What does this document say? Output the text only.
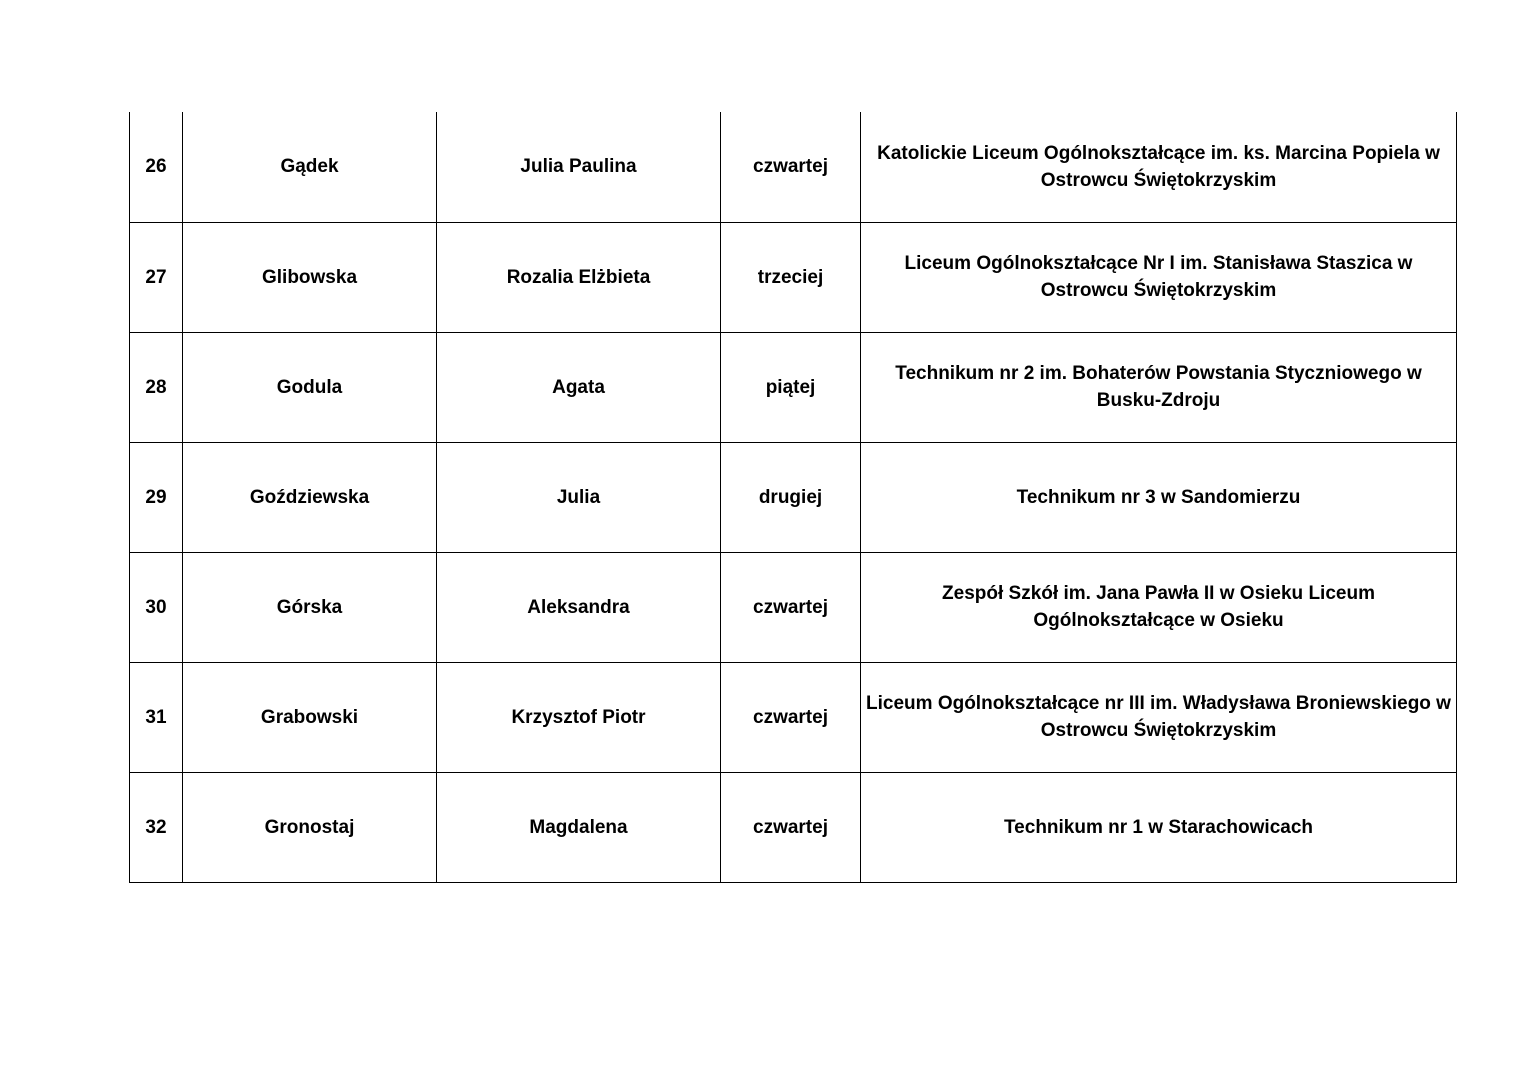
26	Gądek	Julia Paulina	czwartej	Katolickie Liceum Ogólnokształcące im. ks. Marcina Popiela w Ostrowcu Świętokrzyskim
27	Glibowska	Rozalia Elżbieta	trzeciej	Liceum Ogólnokształcące Nr I im. Stanisława Staszica w Ostrowcu Świętokrzyskim
28	Godula	Agata	piątej	Technikum nr 2 im. Bohaterów Powstania Styczniowego w Busku-Zdroju
29	Goździewska	Julia	drugiej	Technikum nr 3 w Sandomierzu
30	Górska	Aleksandra	czwartej	Zespół Szkół im. Jana Pawła II w Osieku Liceum Ogólnokształcące w Osieku
31	Grabowski	Krzysztof Piotr	czwartej	Liceum Ogólnokształcące nr III im. Władysława Broniewskiego w Ostrowcu Świętokrzyskim
32	Gronostaj	Magdalena	czwartej	Technikum nr 1 w Starachowicach
